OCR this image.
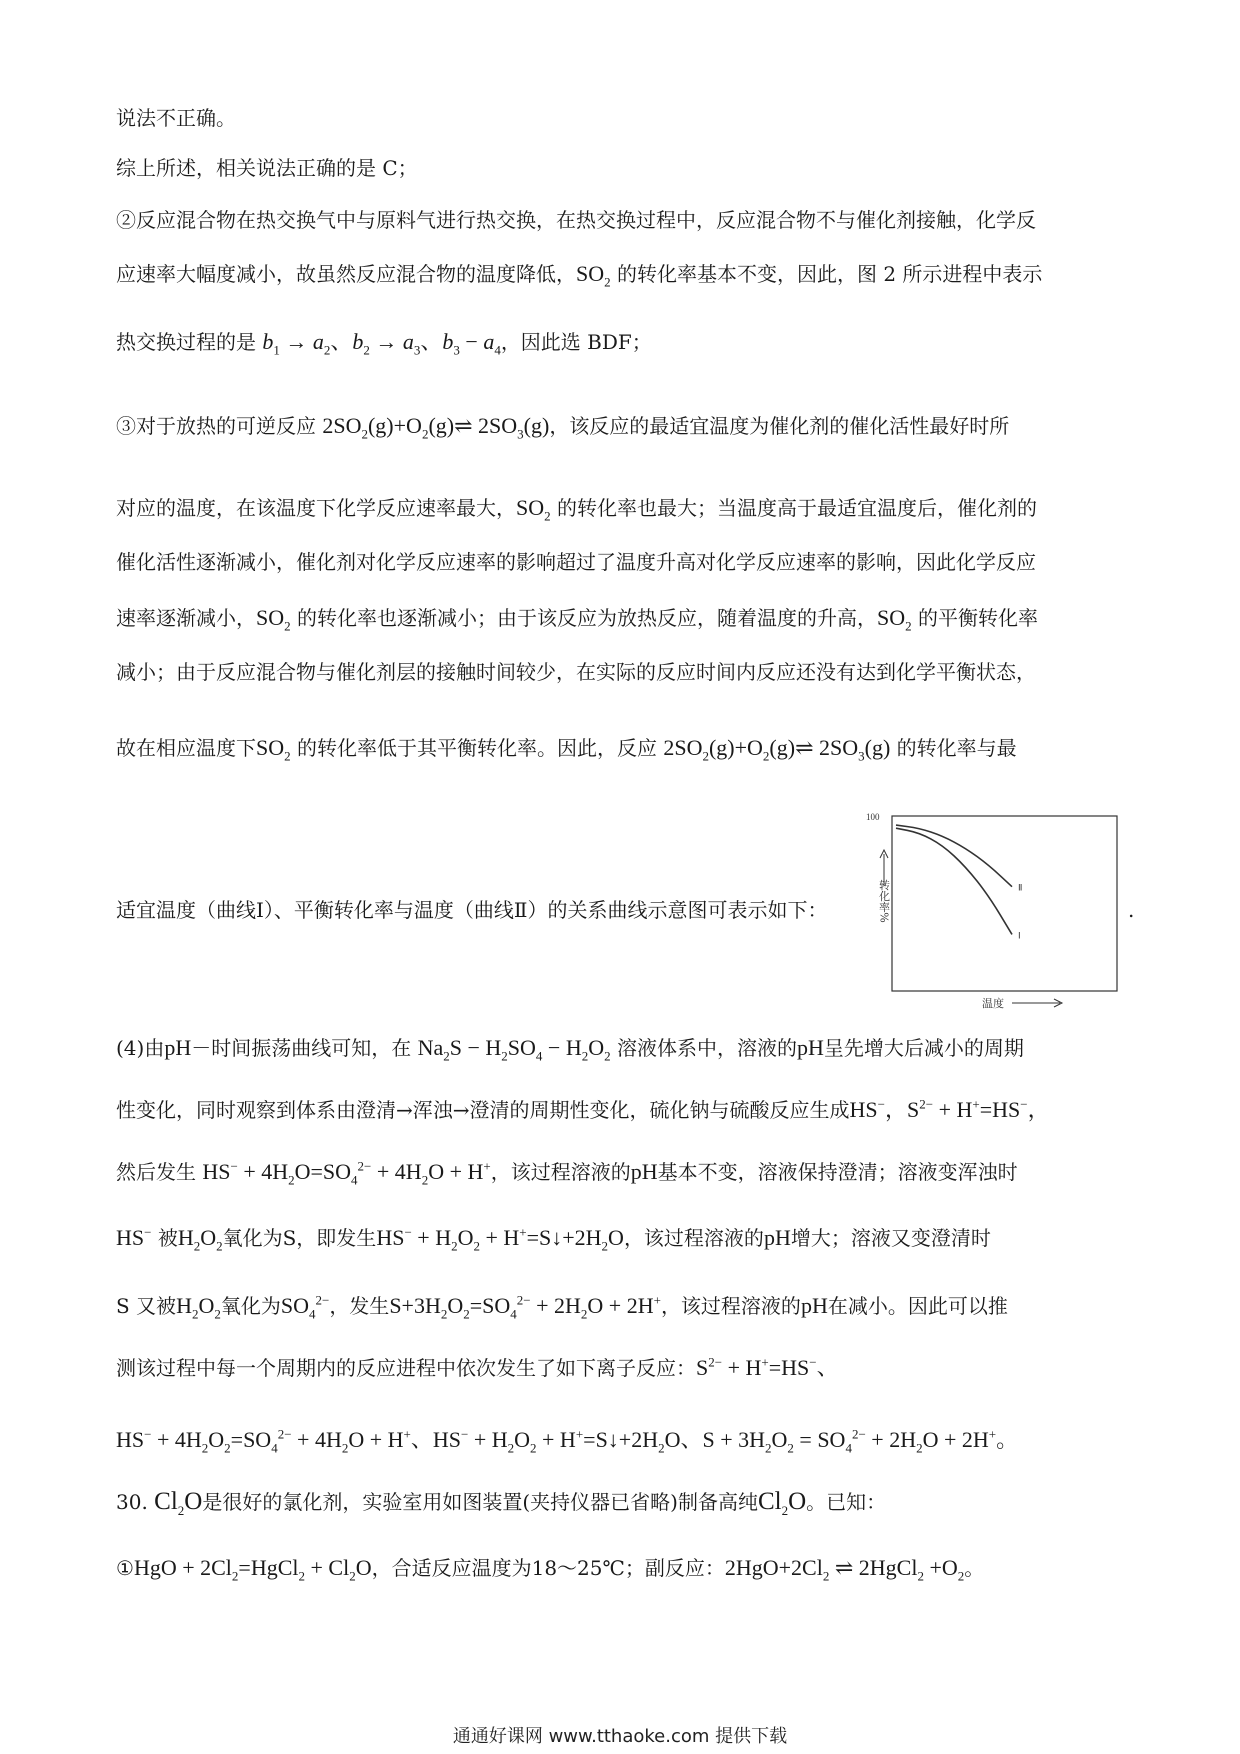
说法不正确。
综上所述，相关说法正确的是 C；
②反应混合物在热交换气中与原料气进行热交换，在热交换过程中，反应混合物不与催化剂接触，化学反
应速率大幅度减小，故虽然反应混合物的温度降低，$SO_2$ 的转化率基本不变，因此，图 2 所示进程中表示
热交换过程的是 $b_1 \to a_2$、$b_2 \to a_3$、$b_3 - a_4$，因此选 BDF；
③对于放热的可逆反应 $2SO_2(g)+O_2(g)\rightleftharpoons$ $2SO_3(g)$，该反应的最适宜温度为催化剂的催化活性最好时所
对应的温度，在该温度下化学反应速率最大，$SO_2$ 的转化率也最大；当温度高于最适宜温度后，催化剂的
催化活性逐渐减小，催化剂对化学反应速率的影响超过了温度升高对化学反应速率的影响，因此化学反应
速率逐渐减小，$SO_2$ 的转化率也逐渐减小；由于该反应为放热反应，随着温度的升高，$SO_2$ 的平衡转化率
减小；由于反应混合物与催化剂层的接触时间较少，在实际的反应时间内反应还没有达到化学平衡状态，
故在相应温度下$SO_2$ 的转化率低于其平衡转化率。因此，反应 $2SO_2(g)+O_2(g)\rightleftharpoons$ $2SO_3(g)$ 的转化率与最
适宜温度（曲线Ⅰ）、平衡转化率与温度（曲线Ⅱ）的关系曲线示意图可表示如下：	.
100
转化率%
温度
Ⅱ
Ⅰ
(4)由pH－时间振荡曲线可知，在 $Na_2S - H_2SO_4 - H_2O_2$ 溶液体系中，溶液的pH呈先增大后减小的周期
性变化，同时观察到体系由澄清→浑浊→澄清的周期性变化，硫化钠与硫酸反应生成HS−，$S^{2-} + H^+=HS^-$，
然后发生 $HS^- + 4H_2O=SO_4^{2-} + 4H_2O + H^+$，该过程溶液的pH基本不变，溶液保持澄清；溶液变浑浊时
HS− 被$H_2O_2$氧化为S，即发生$HS^- + H_2O_2$ + $H^+=S↓+2H_2O$，该过程溶液的pH增大；溶液又变澄清时
S 又被$H_2O_2$氧化为$SO_4^{2-}$，发生$S+3H_2O_2=SO_4^{2-} + 2H_2O + 2H^+$，该过程溶液的pH在减小。因此可以推
测该过程中每一个周期内的反应进程中依次发生了如下离子反应：$S^{2-} + H^+=HS^-$、
$HS^- + 4H_2O_2=SO_4^{2-} + 4H_2O + H^+$、$HS^- + H_2O_2$ + $H^+=S↓+2H_2O$、$S + 3H_2O_2 = SO_4^{2-} + 2H_2O + 2H^+$。
30. $Cl_2O$是很好的氯化剂，实验室用如图装置(夹持仪器已省略)制备高纯$Cl_2O$。已知：
①HgO + $2Cl_2=HgCl_2 + Cl_2O$，合适反应温度为18～25℃；副反应：$2HgO+2Cl_2$ ⇌ 2HgCl$_2$ $+O_2$。
通通好课网 www.tthaoke.com 提供下载
